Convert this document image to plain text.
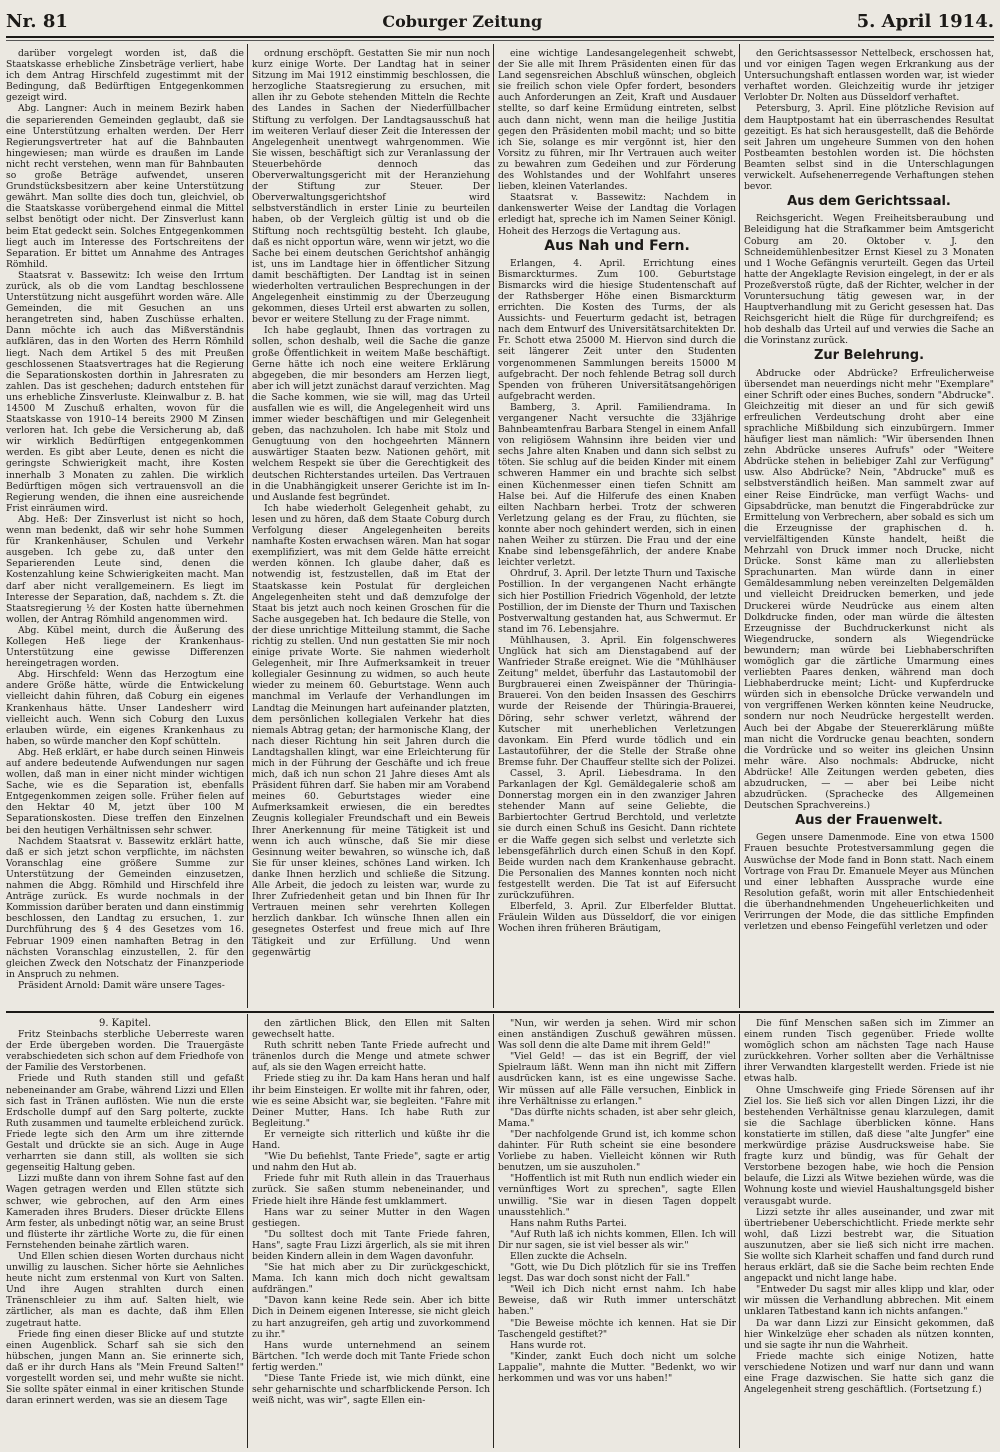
Nr. 81	Coburger Zeitung	5. April 1914.

darüber vorgelegt worden ist, daß die Staatskasse erhebliche Zinsbeträge verliert, habe ich dem Antrag Hirschfeld zugestimmt mit der Bedingung, daß Bedürftigen Entgegenkommen gezeigt wird.

Abg. Langner: Auch in meinem Bezirk haben die separierenden Gemeinden geglaubt, daß sie eine Unterstützung erhalten werden. Der Herr Regierungsvertreter hat auf die Bahnbauten hingewiesen; man würde es draußen im Lande nicht recht verstehen, wenn man für Bahnbauten so große Beträge aufwendet, unseren Grundstücksbesitzern aber keine Unterstützung gewährt. Man sollte dies doch tun, gleichviel, ob die Staatskasse vorübergehend einmal die Mittel selbst benötigt oder nicht. Der Zinsverlust kann beim Etat gedeckt sein. Solches Entgegenkommen liegt auch im Interesse des Fortschreitens der Separation. Er bittet um Annahme des Antrages Römhild.

Staatsrat v. Bassewitz: Ich weise den Irrtum zurück, als ob die vom Landtag beschlossene Unterstützung nicht ausgeführt worden wäre. Alle Gemeinden, die mit Gesuchen an uns herangetreten sind, haben Zuschüsse erhalten. Dann möchte ich auch das Mißverständnis aufklären, das in den Worten des Herrn Römhild liegt. Nach dem Artikel 5 des mit Preußen geschlossenen Staatsvertrages hat die Regierung die Separationskosten dorthin in Jahresraten zu zahlen. Das ist geschehen; dadurch entstehen für uns erhebliche Zinsverluste. Kleinwalbur z. B. hat 14500 M Zuschuß erhalten, wovon für die Staatskasse von 1910–14 bereits 2900 M Zinsen verloren hat. Ich gebe die Versicherung ab, daß wir wirklich Bedürftigen entgegenkommen werden. Es gibt aber Leute, denen es nicht die geringste Schwierigkeit macht, ihre Kosten innerhalb 3 Monaten zu zahlen. Die wirklich Bedürftigen mögen sich vertrauensvoll an die Regierung wenden, die ihnen eine ausreichende Frist einräumen wird.

Abg. Heß: Der Zinsverlust ist nicht so hoch, wenn man bedenkt, daß wir sehr hohe Summen für Krankenhäuser, Schulen und Verkehr ausgeben. Ich gebe zu, daß unter den Separierenden Leute sind, denen die Kostenzahlung keine Schwierigkeiten macht. Man darf aber nicht verallgemeinern. Es liegt im Interesse der Separation, daß, nachdem s. Zt. die Staatsregierung ½ der Kosten hatte übernehmen wollen, der Antrag Römhild angenommen wird.

Abg. Kübel meint, durch die Äußerung des Kollegen Heß liege der Krankenhaus-Unterstützung eine gewisse Differenzen hereingetragen worden.

Abg. Hirschfeld: Wenn das Herzogtum eine andere Größe hätte, würde die Entwickelung vielleicht dahin führen, daß Coburg ein eigenes Krankenhaus hätte. Unser Landesherr wird vielleicht auch. Wenn sich Coburg den Luxus erlauben würde, ein eigenes Krankenhaus zu haben, so würde mancher den Kopf schütteln.

Abg. Heß erklärt, er habe durch seinen Hinweis auf andere bedeutende Aufwendungen nur sagen wollen, daß man in einer nicht minder wichtigen Sache, wie es die Separation ist, ebenfalls Entgegenkommen zeigen solle. Früher fielen auf den Hektar 40 M, jetzt über 100 M Separationskosten. Diese treffen den Einzelnen bei den heutigen Verhältnissen sehr schwer.

Nachdem Staatsrat v. Bassewitz erklärt hatte, daß er sich jetzt schon verpflichte, im nächsten Voranschlag eine größere Summe zur Unterstützung der Gemeinden einzusetzen, nahmen die Abgg. Römhild und Hirschfeld ihre Anträge zurück. Es wurde nochmals in der Kommission darüber beraten und dann einstimmig beschlossen, den Landtag zu ersuchen, 1. zur Durchführung des § 4 des Gesetzes vom 16. Februar 1909 einen namhaften Betrag in den nächsten Voranschlag einzustellen, 2. für den gleichen Zweck den Notschatz der Finanzperiode in Anspruch zu nehmen.

Präsident Arnold: Damit wäre unsere Tages-

ordnung erschöpft. Gestatten Sie mir nun noch kurz einige Worte. Der Landtag hat in seiner Sitzung im Mai 1912 einstimmig beschlossen, die herzogliche Staatsregierung zu ersuchen, mit allen ihr zu Gebote stehenden Mitteln die Rechte des Landes in Sachen der Niederfüllbacher Stiftung zu verfolgen. Der Landtagsausschuß hat im weiteren Verlauf dieser Zeit die Interessen der Angelegenheit unentwegt wahrgenommen. Wie Sie wissen, beschäftigt sich zur Veranlassung der Steuerbehörde dennoch das Oberverwaltungsgericht mit der Heranziehung der Stiftung zur Steuer. Der Oberverwaltungsgerichtshof wird selbstverständlich in erster Linie zu beurteilen haben, ob der Vergleich gültig ist und ob die Stiftung noch rechtsgültig besteht. Ich glaube, daß es nicht opportun wäre, wenn wir jetzt, wo die Sache bei einem deutschen Gerichtshof anhängig ist, uns im Landtage hier in öffentlicher Sitzung damit beschäftigten. Der Landtag ist in seinen wiederholten vertraulichen Besprechungen in der Angelegenheit einstimmig zu der Überzeugung gekommen, dieses Urteil erst abwarten zu sollen, bevor er weitere Stellung zu der Frage nimmt.

Ich habe geglaubt, Ihnen das vortragen zu sollen, schon deshalb, weil die Sache die ganze große Öffentlichkeit in weitem Maße beschäftigt. Gerne hätte ich noch eine weitere Erklärung abgegeben, die mir besonders am Herzen liegt, aber ich will jetzt zunächst darauf verzichten. Mag die Sache kommen, wie sie will, mag das Urteil ausfallen wie es will, die Angelegenheit wird uns immer wieder beschäftigen und mir Gelegenheit geben, das nachzuholen. Ich habe mit Stolz und Genugtuung von den hochgeehrten Männern auswärtiger Staaten bezw. Nationen gehört, mit welchem Respekt sie über die Gerechtigkeit des deutschen Richterstandes urteilen. Das Vertrauen in die Unabhängigkeit unserer Gerichte ist im In- und Auslande fest begründet.

Ich habe wiederholt Gelegenheit gehabt, zu lesen und zu hören, daß dem Staate Coburg durch Verfolgung dieser Angelegenheiten bereits namhafte Kosten erwachsen wären. Man hat sogar exemplifiziert, was mit dem Gelde hätte erreicht werden können. Ich glaube daher, daß es notwendig ist, festzustellen, daß im Etat der Staatskasse kein Postulat für dergleichen Angelegenheiten steht und daß demzufolge der Staat bis jetzt auch noch keinen Groschen für die Sache ausgegeben hat. Ich bedaure die Stelle, von der diese unrichtige Mitteilung stammt, die Sache richtig zu stellen. Und nun gestatten Sie mir noch einige private Worte. Sie nahmen wiederholt Gelegenheit, mir Ihre Aufmerksamkeit in treuer kollegialer Gesinnung zu widmen, so auch heute wieder zu meinem 60. Geburtstage. Wenn auch manchmal im Verlaufe der Verhandlungen im Landtag die Meinungen hart aufeinander platzten, dem persönlichen kollegialen Verkehr hat dies niemals Abtrag getan; der harmonische Klang, der nach dieser Richtung hin seit Jahren durch die Landtagshallen klingt, war eine Erleichterung für mich in der Führung der Geschäfte und ich freue mich, daß ich nun schon 21 Jahre dieses Amt als Präsident führen darf. Sie haben mir am Vorabend meines 60. Geburtstages wieder eine Aufmerksamkeit erwiesen, die ein beredtes Zeugnis kollegialer Freundschaft und ein Beweis Ihrer Anerkennung für meine Tätigkeit ist und wenn ich auch wünsche, daß Sie mir diese Gesinnung weiter bewahren, so wünsche ich, daß Sie für unser kleines, schönes Land wirken. Ich danke Ihnen herzlich und schließe die Sitzung. Alle Arbeit, die jedoch zu leisten war, wurde zu Ihrer Zufriedenheit getan und bin Ihnen für Ihr Vertrauen meinen sehr verehrten Kollegen herzlich dankbar. Ich wünsche Ihnen allen ein gesegnetes Osterfest und freue mich auf Ihre Tätigkeit und zur Erfüllung. Und wenn gegenwärtig

eine wichtige Landesangelegenheit schwebt, der Sie alle mit Ihrem Präsidenten einen für das Land segensreichen Abschluß wünschen, obgleich sie freilich schon viele Opfer fordert, besonders auch Anforderungen an Zeit, Kraft und Ausdauer stellte, so darf keine Ermüdung eintreten, selbst auch dann nicht, wenn man die heilige Justitia gegen den Präsidenten mobil macht; und so bitte ich Sie, solange es mir vergönnt ist, hier den Vorsitz zu führen, mir Ihr Vertrauen auch weiter zu bewahren zum Gedeihen und zur Förderung des Wohlstandes und der Wohlfahrt unseres lieben, kleinen Vaterlandes.

Staatsrat v. Bassewitz: Nachdem in dankenswerter Weise der Landtag die Vorlagen erledigt hat, spreche ich im Namen Seiner Königl. Hoheit des Herzogs die Vertagung aus.

Aus Nah und Fern.

Erlangen, 4. April. Errichtung eines Bismarckturmes. Zum 100. Geburtstage Bismarcks wird die hiesige Studentenschaft auf der Rathsberger Höhe einen Bismarckturm errichten. Die Kosten des Turms, der als Aussichts- und Feuerturm gedacht ist, betragen nach dem Entwurf des Universitätsarchitekten Dr. Fr. Schott etwa 25000 M. Hiervon sind durch die seit längerer Zeit unter den Studenten vorgenommenen Sammlungen bereits 15000 M aufgebracht. Der noch fehlende Betrag soll durch Spenden von früheren Universitätsangehörigen aufgebracht werden.

Bamberg, 3. April. Familiendrama. In vergangener Nacht versuchte die 33jährige Bahnbeamtenfrau Barbara Stengel in einem Anfall von religiösem Wahnsinn ihre beiden vier und sechs Jahre alten Knaben und dann sich selbst zu töten. Sie schlug auf die beiden Kinder mit einem schweren Hammer ein und brachte sich selbst einen Küchenmesser einen tiefen Schnitt am Halse bei. Auf die Hilferufe des einen Knaben eilten Nachbarn herbei. Trotz der schweren Verletzung gelang es der Frau, zu flüchten, sie konnte aber noch gehindert werden, sich in einen nahen Weiher zu stürzen. Die Frau und der eine Knabe sind lebensgefährlich, der andere Knabe leichter verletzt.

Ohrdruf, 3. April. Der letzte Thurn und Taxische Postillion. In der vergangenen Nacht erhängte sich hier Postillion Friedrich Vögenhold, der letzte Postillion, der im Dienste der Thurn und Taxischen Postverwaltung gestanden hat, aus Schwermut. Er stand im 76. Lebensjahre.

Mühlhausen, 3. April. Ein folgenschweres Unglück hat sich am Dienstagabend auf der Wanfrieder Straße ereignet. Wie die "Mühlhäuser Zeitung" meldet, überfuhr das Lastautomobil der Burgbrauerei einen Zweispänner der Thüringia-Brauerei. Von den beiden Insassen des Geschirrs wurde der Reisende der Thüringia-Brauerei, Döring, sehr schwer verletzt, während der Kutscher mit unerheblichen Verletzungen davonkam. Ein Pferd wurde tödlich und ein Lastautoführer, der die Stelle der Straße ohne Bremse fuhr. Der Chauffeur stellte sich der Polizei.

Cassel, 3. April. Liebesdrama. In den Parkanlagen der Kgl. Gemäldegalerie schoß am Donnerstag morgen ein in den zwanziger Jahren stehender Mann auf seine Geliebte, die Barbiertochter Gertrud Berchtold, und verletzte sie durch einen Schuß ins Gesicht. Dann richtete er die Waffe gegen sich selbst und verletzte sich lebensgefährlich durch einen Schuß in den Kopf. Beide wurden nach dem Krankenhause gebracht. Die Personalien des Mannes konnten noch nicht festgestellt werden. Die Tat ist auf Eifersucht zurückzuführen.

Elberfeld, 3. April. Zur Elberfelder Bluttat. Fräulein Wilden aus Düsseldorf, die vor einigen Wochen ihren früheren Bräutigam,

den Gerichtsassessor Nettelbeck, erschossen hat, und vor einigen Tagen wegen Erkrankung aus der Untersuchungshaft entlassen worden war, ist wieder verhaftet worden. Gleichzeitig wurde ihr jetziger Verlobter Dr. Nolten aus Düsseldorf verhaftet.

Petersburg, 3. April. Eine plötzliche Revision auf dem Hauptpostamt hat ein überraschendes Resultat gezeitigt. Es hat sich herausgestellt, daß die Behörde seit Jahren um ungeheure Summen von den hohen Postbeamten bestohlen worden ist. Die höchsten Beamten selbst sind in die Unterschlagungen verwickelt. Aufsehenerregende Verhaftungen stehen bevor.

Aus dem Gerichtssaal.

Reichsgericht. Wegen Freiheitsberaubung und Beleidigung hat die Strafkammer beim Amtsgericht Coburg am 20. Oktober v. J. den Schneidemühlenbesitzer Ernst Kiesel zu 3 Monaten und 1 Woche Gefängnis verurteilt. Gegen das Urteil hatte der Angeklagte Revision eingelegt, in der er als Prozeßverstoß rügte, daß der Richter, welcher in der Voruntersuchung tätig gewesen war, in der Hauptverhandlung mit zu Gericht gesessen hat. Das Reichsgericht hielt die Rüge für durchgreifend; es hob deshalb das Urteil auf und verwies die Sache an die Vorinstanz zurück.

Zur Belehrung.

Abdrucke oder Abdrücke? Erfreulicherweise übersendet man neuerdings nicht mehr "Exemplare" einer Schrift oder eines Buches, sondern "Abdrucke". Gleichzeitig mit dieser an und für sich gewiß erfreulichen Verdeutschung droht aber eine sprachliche Mißbildung sich einzubürgern. Immer häufiger liest man nämlich: "Wir übersenden Ihnen zehn Abdrücke unseres Aufrufs" oder "Weitere Abdrücke stehen in beliebiger Zahl zur Verfügung" usw. Also Abdrücke? Nein, "Abdrucke" muß es selbstverständlich heißen. Man sammelt zwar auf einer Reise Eindrücke, man verfügt Wachs- und Gipsabdrücke, man benutzt die Fingerabdrücke zur Ermittelung von Verbrechern, aber sobald es sich um die Erzeugnisse der graphischen d. h. vervielfältigenden Künste handelt, heißt die Mehrzahl von Druck immer noch Drucke, nicht Drücke. Sonst käme man zu allerliebsten Sprachunarten. Man würde dann in einer Gemäldesammlung neben vereinzelten Delgemälden und vielleicht Dreidrucken bemerken, und jede Druckerei würde Neudrücke aus einem alten Dolkdrucke finden, oder man würde die ältesten Erzeugnisse der Buchdruckerkunst nicht als Wiegendrucke, sondern als Wiegendrücke bewundern; man würde bei Liebhaberschriften womöglich gar die zärtliche Umarmung eines verliebten Paares denken, während man doch Liebhaberdrucke meint; Licht- und Kupferdrucke würden sich in ebensolche Drücke verwandeln und von vergriffenen Werken könnten keine Neudrucke, sondern nur noch Neudrücke hergestellt werden. Auch bei der Abgabe der Steuererklärung müßte man nicht die Vordrucke genau beachten, sondern die Vordrücke und so weiter ins gleichen Unsinn mehr wäre. Also nochmals: Abdrucke, nicht Abdrücke! Alle Zeitungen werden gebeten, dies abzudrucken, — — aber bei Leibe nicht abzudrücken. (Sprachecke des Allgemeinen Deutschen Sprachvereins.)

Aus der Frauenwelt.

Gegen unsere Damenmode. Eine von etwa 1500 Frauen besuchte Protestversammlung gegen die Auswüchse der Mode fand in Bonn statt. Nach einem Vortrage von Frau Dr. Emanuele Meyer aus München und einer lebhaften Aussprache wurde eine Resolution gefaßt, worin mit aller Entschiedenheit die überhandnehmenden Ungeheuerlichkeiten und Verirrungen der Mode, die das sittliche Empfinden verletzen und ebenso Feingefühl verletzen und oder

9. Kapitel.

Fritz Steinbachs sterbliche Ueberreste waren der Erde übergeben worden. Die Trauergäste verabschiedeten sich schon auf dem Friedhofe von der Familie des Verstorbenen.

Friede und Ruth standen still und gefaßt nebeneinander am Grabe, während Lizzi und Ellen sich fast in Tränen auflösten. Wie nun die erste Erdscholle dumpf auf den Sarg polterte, zuckte Ruth zusammen und taumelte erbleichend zurück. Friede legte sich den Arm um ihre zitternde Gestalt und drückte sie an sich. Auge in Auge verharrten sie dann still, als wollten sie sich gegenseitig Haltung geben.

Lizzi mußte dann von ihrem Sohne fast auf den Wagen getragen werden und Ellen stützte sich schwer, wie gebrochen, auf den Arm eines Kameraden ihres Bruders. Dieser drückte Ellens Arm fester, als unbedingt nötig war, an seine Brust und flüsterte ihr zärtliche Worte zu, die für einen Fernstehenden beinahe zärtlich waren.

Und Ellen schien diesen Worten durchaus nicht unwillig zu lauschen. Sicher hörte sie Aehnliches heute nicht zum erstenmal von Kurt von Salten. Und ihre Augen strahlten durch einen Tränenschleier zu ihm auf. Salten hielt, wie zärtlicher, als man es dachte, daß ihm Ellen zugetraut hatte.

Friede fing einen dieser Blicke auf und stutzte einen Augenblick. Scharf sah sie sich den hübschen, jungen Mann an. Sie erinnerte sich, daß er ihr durch Hans als "Mein Freund Salten!" vorgestellt worden sei, und mehr wußte sie nicht. Sie sollte später einmal in einer kritischen Stunde daran erinnert werden, was sie an diesem Tage

den zärtlichen Blick, den Ellen mit Salten gewechselt hatte.

Ruth schritt neben Tante Friede aufrecht und tränenlos durch die Menge und atmete schwer auf, als sie den Wagen erreicht hatte.

Friede stieg zu ihr. Da kam Hans heran und half ihr beim Einsteigen. Er wollte mit ihr fahren, oder, wie es seine Absicht war, sie begleiten. "Fahre mit Deiner Mutter, Hans. Ich habe Ruth zur Begleitung."

Er verneigte sich ritterlich und küßte ihr die Hand.

"Wie Du befiehlst, Tante Friede", sagte er artig und nahm den Hut ab.

Friede fuhr mit Ruth allein in das Trauerhaus zurück. Sie saßen stumm nebeneinander, und Friede hielt ihre Hände fest umklammert.

Hans war zu seiner Mutter in den Wagen gestiegen.

"Du solltest doch mit Tante Friede fahren, Hans", sagte Frau Lizzi ärgerlich, als sie mit ihren beiden Kindern allein in dem Wagen davonfuhr.

"Sie hat mich aber zu Dir zurückgeschickt, Mama. Ich kann mich doch nicht gewaltsam aufdrängen."

"Davon kann keine Rede sein. Aber ich bitte Dich in Deinem eigenen Interesse, sie nicht gleich zu hart anzugreifen, geh artig und zuvorkommend zu ihr."

Hans wurde unternehmend an seinem Bärtchen. "Ich werde doch mit Tante Friede schon fertig werden."

"Diese Tante Friede ist, wie mich dünkt, eine sehr geharnischte und scharfblickende Person. Ich weiß nicht, was wir", sagte Ellen ein-

"Nun, wir werden ja sehen. Wird mir schon einen anständigen Zuschuß gewähren müssen. Was soll denn die alte Dame mit ihrem Geld!"

"Viel Geld! — das ist ein Begriff, der viel Spielraum läßt. Wenn man ihn nicht mit Ziffern ausdrücken kann, ist es eine ungewisse Sache. Wir müssen auf alle Fälle versuchen, Einblick in ihre Verhältnisse zu erlangen."

"Das dürfte nichts schaden, ist aber sehr gleich, Mama."

"Der nachfolgende Grund ist, ich komme schon dahinter. Für Ruth scheint sie eine besondere Vorliebe zu haben. Vielleicht können wir Ruth benutzen, um sie auszuholen."

"Hoffentlich ist mit Ruth nun endlich wieder ein vernünftiges Wort zu sprechen", sagte Ellen unwillig. "Sie war in diesen Tagen doppelt unausstehlich."

Hans nahm Ruths Partei.

"Auf Ruth laß ich nichts kommen, Ellen. Ich will Dir nur sagen, sie ist viel besser als wir."

Ellen zuckte die Achseln.

"Gott, wie Du Dich plötzlich für sie ins Treffen legst. Das war doch sonst nicht der Fall."

"Weil ich Dich nicht ernst nahm. Ich habe Beweise, daß wir Ruth immer unterschätzt haben."

"Die Beweise möchte ich kennen. Hat sie Dir Taschengeld gestiftet?"

Hans wurde rot.

"Kinder, zankt Euch doch nicht um solche Lappalie", mahnte die Mutter. "Bedenkt, wo wir herkommen und was vor uns haben!"

Die fünf Menschen saßen sich im Zimmer an einem runden Tisch gegenüber. Friede wollte womöglich schon am nächsten Tage nach Hause zurückkehren. Vorher sollten aber die Verhältnisse ihrer Verwandten klargestellt werden. Friede ist nie etwas halb.

Ohne Umschweife ging Friede Sörensen auf ihr Ziel los. Sie ließ sich vor allen Dingen Lizzi, ihr die bestehenden Verhältnisse genau klarzulegen, damit sie die Sachlage überblicken könne. Hans konstatierte im stillen, daß diese "alte Jungfer" eine merkwürdige präzise Ausdrucksweise habe. Sie fragte kurz und bündig, was für Gehalt der Verstorbene bezogen habe, wie hoch die Pension belaufe, die Lizzi als Witwe beziehen würde, was die Wohnung koste und wieviel Haushaltungsgeld bisher verausgabt wurde.

Lizzi setzte ihr alles auseinander, und zwar mit übertriebener Ueberschichtlicht. Friede merkte sehr wohl, daß Lizzi bestrebt war, die Situation auszunutzen, aber sie ließ sich nicht irre machen. Sie wollte sich Klarheit schaffen und fand durch rund heraus erklärt, daß sie die Sache beim rechten Ende angepackt und nicht lange habe.

"Entweder Du sagst mir alles klipp und klar, oder wir müssen die Verhandlung abbrechen. Mit einem unklaren Tatbestand kann ich nichts anfangen."

Da war dann Lizzi zur Einsicht gekommen, daß hier Winkelzüge eher schaden als nützen konnten, und sie sagte ihr nun die Wahrheit.

Friede machte sich einige Notizen, hatte verschiedene Notizen und warf nur dann und wann eine Frage dazwischen. Sie hatte sich ganz die Angelegenheit streng geschäftlich. (Fortsetzung f.)
